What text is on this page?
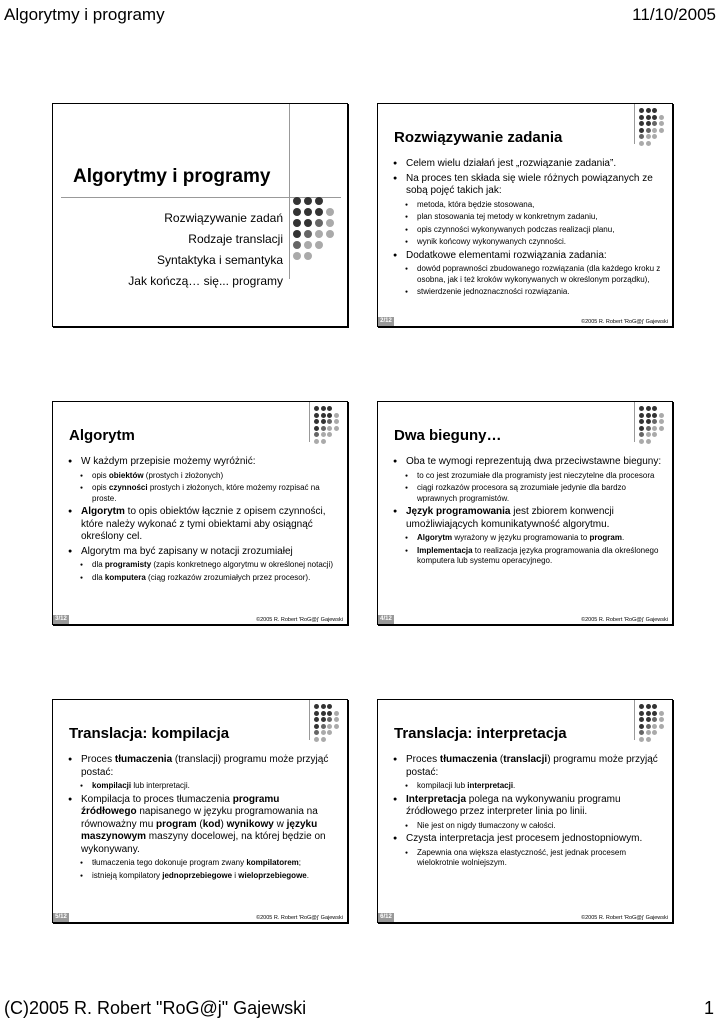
Algorytmy i programy	11/10/2005
Algorytmy i programy
Rozwiązywanie zadań
Rodzaje translacji
Syntaktyka i semantyka
Jak kończą… się... programy
Rozwiązywanie zadania
● Celem wielu działań jest „rozwiązanie zadania”.
● Na proces ten składa się wiele różnych powiązanych ze sobą pojęć takich jak:
● metoda, która będzie stosowana,
● plan stosowania tej metody w konkretnym zadaniu,
● opis czynności wykonywanych podczas realizacji planu,
● wynik końcowy wykonywanych czynności.
● Dodatkowe elementami rozwiązania zadania:
● dowód poprawności zbudowanego rozwiązania (dla każdego kroku z osobna, jak i też kroków wykonywanych w określonym porządku),
● stwierdzenie jednoznaczności rozwiązania.
2/12	©2005 R. Robert 'RoG@j' Gajewski
Algorytm
● W każdym przepisie możemy wyróżnić:
● opis obiektów (prostych i złożonych)
● opis czynności prostych i złożonych, które możemy rozpisać na proste.
● Algorytm to opis obiektów łącznie z opisem czynności, które należy wykonać z tymi obiektami aby osiągnąć określony cel.
● Algorytm ma być zapisany w notacji zrozumiałej
● dla programisty (zapis konkretnego algorytmu w określonej notacji)
● dla komputera (ciąg rozkazów zrozumiałych przez procesor).
3/12	©2005 R. Robert 'RoG@j' Gajewski
Dwa bieguny…
● Oba te wymogi reprezentują dwa przeciwstawne bieguny:
● to co jest zrozumiałe dla programisty jest nieczytelne dla procesora
● ciągi rozkazów procesora są zrozumiałe jedynie dla bardzo wprawnych programistów.
● Język programowania jest zbiorem konwencji umożliwiających komunikatywność algorytmu.
● Algorytm wyrażony w języku programowania to program.
● Implementacja to realizacja języka programowania dla określonego komputera lub systemu operacyjnego.
4/12	©2005 R. Robert 'RoG@j' Gajewski
Translacja: kompilacja
● Proces tłumaczenia (translacji) programu może przyjąć postać:
● kompilacji lub interpretacji.
● Kompilacja to proces tłumaczenia programu źródłowego napisanego w języku programowania na równoważny mu program (kod) wynikowy w języku maszynowym maszyny docelowej, na której będzie on wykonywany.
● tłumaczenia tego dokonuje program zwany kompilatorem;
● istnieją kompilatory jednoprzebiegowe i wieloprzebiegowe.
5/12	©2005 R. Robert 'RoG@j' Gajewski
Translacja: interpretacja
● Proces tłumaczenia (translacji) programu może przyjąć postać:
● kompilacji lub interpretacji.
● Interpretacja polega na wykonywaniu programu źródłowego przez interpreter linia po linii.
● Nie jest on nigdy tłumaczony w całości.
● Czysta interpretacja jest procesem jednostopniowym.
● Zapewnia ona większa elastyczność, jest jednak procesem wielokrotnie wolniejszym.
6/12	©2005 R. Robert 'RoG@j' Gajewski
(C)2005 R. Robert "RoG@j" Gajewski	1
